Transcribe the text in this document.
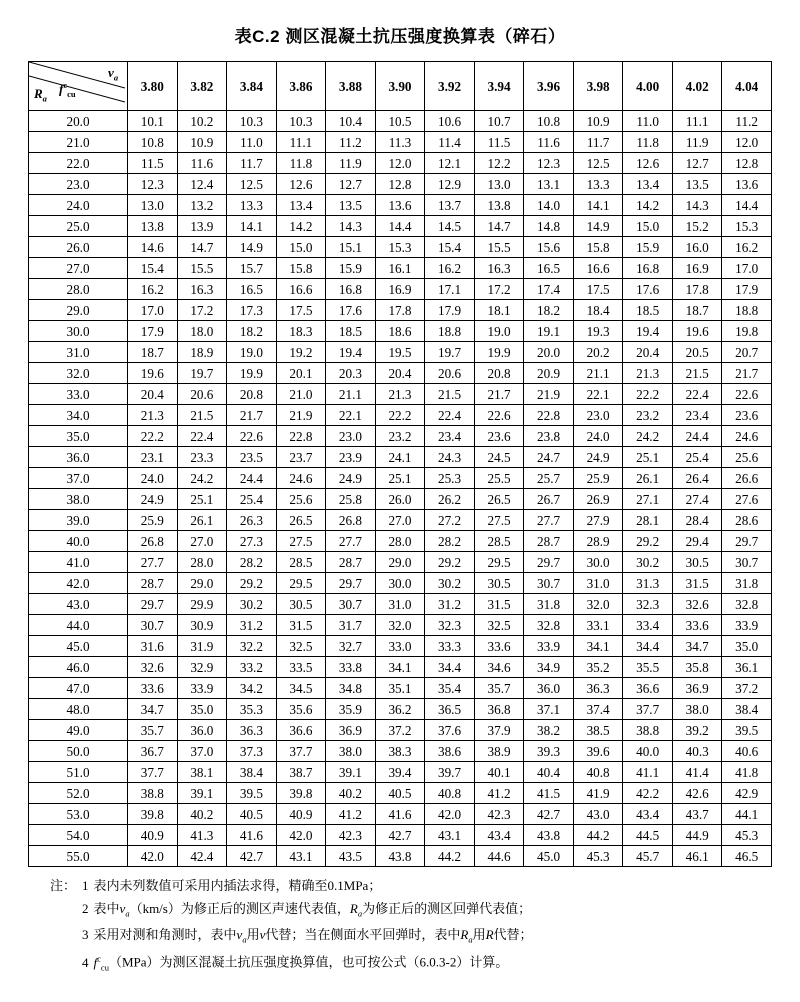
表C.2 测区混凝土抗压强度换算表（碎石）
$v_a$
$f^c_{cu}$
$R_a$	3.80	3.82	3.84	3.86	3.88	3.90	3.92	3.94	3.96	3.98	4.00	4.02	4.04
20.0	10.1	10.2	10.3	10.3	10.4	10.5	10.6	10.7	10.8	10.9	11.0	11.1	11.2
21.0	10.8	10.9	11.0	11.1	11.2	11.3	11.4	11.5	11.6	11.7	11.8	11.9	12.0
22.0	11.5	11.6	11.7	11.8	11.9	12.0	12.1	12.2	12.3	12.5	12.6	12.7	12.8
23.0	12.3	12.4	12.5	12.6	12.7	12.8	12.9	13.0	13.1	13.3	13.4	13.5	13.6
24.0	13.0	13.2	13.3	13.4	13.5	13.6	13.7	13.8	14.0	14.1	14.2	14.3	14.4
25.0	13.8	13.9	14.1	14.2	14.3	14.4	14.5	14.7	14.8	14.9	15.0	15.2	15.3
26.0	14.6	14.7	14.9	15.0	15.1	15.3	15.4	15.5	15.6	15.8	15.9	16.0	16.2
27.0	15.4	15.5	15.7	15.8	15.9	16.1	16.2	16.3	16.5	16.6	16.8	16.9	17.0
28.0	16.2	16.3	16.5	16.6	16.8	16.9	17.1	17.2	17.4	17.5	17.6	17.8	17.9
29.0	17.0	17.2	17.3	17.5	17.6	17.8	17.9	18.1	18.2	18.4	18.5	18.7	18.8
30.0	17.9	18.0	18.2	18.3	18.5	18.6	18.8	19.0	19.1	19.3	19.4	19.6	19.8
31.0	18.7	18.9	19.0	19.2	19.4	19.5	19.7	19.9	20.0	20.2	20.4	20.5	20.7
32.0	19.6	19.7	19.9	20.1	20.3	20.4	20.6	20.8	20.9	21.1	21.3	21.5	21.7
33.0	20.4	20.6	20.8	21.0	21.1	21.3	21.5	21.7	21.9	22.1	22.2	22.4	22.6
34.0	21.3	21.5	21.7	21.9	22.1	22.2	22.4	22.6	22.8	23.0	23.2	23.4	23.6
35.0	22.2	22.4	22.6	22.8	23.0	23.2	23.4	23.6	23.8	24.0	24.2	24.4	24.6
36.0	23.1	23.3	23.5	23.7	23.9	24.1	24.3	24.5	24.7	24.9	25.1	25.4	25.6
37.0	24.0	24.2	24.4	24.6	24.9	25.1	25.3	25.5	25.7	25.9	26.1	26.4	26.6
38.0	24.9	25.1	25.4	25.6	25.8	26.0	26.2	26.5	26.7	26.9	27.1	27.4	27.6
39.0	25.9	26.1	26.3	26.5	26.8	27.0	27.2	27.5	27.7	27.9	28.1	28.4	28.6
40.0	26.8	27.0	27.3	27.5	27.7	28.0	28.2	28.5	28.7	28.9	29.2	29.4	29.7
41.0	27.7	28.0	28.2	28.5	28.7	29.0	29.2	29.5	29.7	30.0	30.2	30.5	30.7
42.0	28.7	29.0	29.2	29.5	29.7	30.0	30.2	30.5	30.7	31.0	31.3	31.5	31.8
43.0	29.7	29.9	30.2	30.5	30.7	31.0	31.2	31.5	31.8	32.0	32.3	32.6	32.8
44.0	30.7	30.9	31.2	31.5	31.7	32.0	32.3	32.5	32.8	33.1	33.4	33.6	33.9
45.0	31.6	31.9	32.2	32.5	32.7	33.0	33.3	33.6	33.9	34.1	34.4	34.7	35.0
46.0	32.6	32.9	33.2	33.5	33.8	34.1	34.4	34.6	34.9	35.2	35.5	35.8	36.1
47.0	33.6	33.9	34.2	34.5	34.8	35.1	35.4	35.7	36.0	36.3	36.6	36.9	37.2
48.0	34.7	35.0	35.3	35.6	35.9	36.2	36.5	36.8	37.1	37.4	37.7	38.0	38.4
49.0	35.7	36.0	36.3	36.6	36.9	37.2	37.6	37.9	38.2	38.5	38.8	39.2	39.5
50.0	36.7	37.0	37.3	37.7	38.0	38.3	38.6	38.9	39.3	39.6	40.0	40.3	40.6
51.0	37.7	38.1	38.4	38.7	39.1	39.4	39.7	40.1	40.4	40.8	41.1	41.4	41.8
52.0	38.8	39.1	39.5	39.8	40.2	40.5	40.8	41.2	41.5	41.9	42.2	42.6	42.9
53.0	39.8	40.2	40.5	40.9	41.2	41.6	42.0	42.3	42.7	43.0	43.4	43.7	44.1
54.0	40.9	41.3	41.6	42.0	42.3	42.7	43.1	43.4	43.8	44.2	44.5	44.9	45.3
55.0	42.0	42.4	42.7	43.1	43.5	43.8	44.2	44.6	45.0	45.3	45.7	46.1	46.5
注： 1 表内未列数值可采用内插法求得，精确至0.1MPa；
2 表中$v_a(km/s)$为修正后的测区声速代表值，$R_a$为修正后的测区回弹代表值；
3 采用对测和角测时，表中$v_a$用v代替；当在侧面水平回弹时，表中$R_a$用R代替；
4 $f^c_{cu}(MPa)$为测区混凝土抗压强度换算值，也可按公式（6.0.3-2）计算。
